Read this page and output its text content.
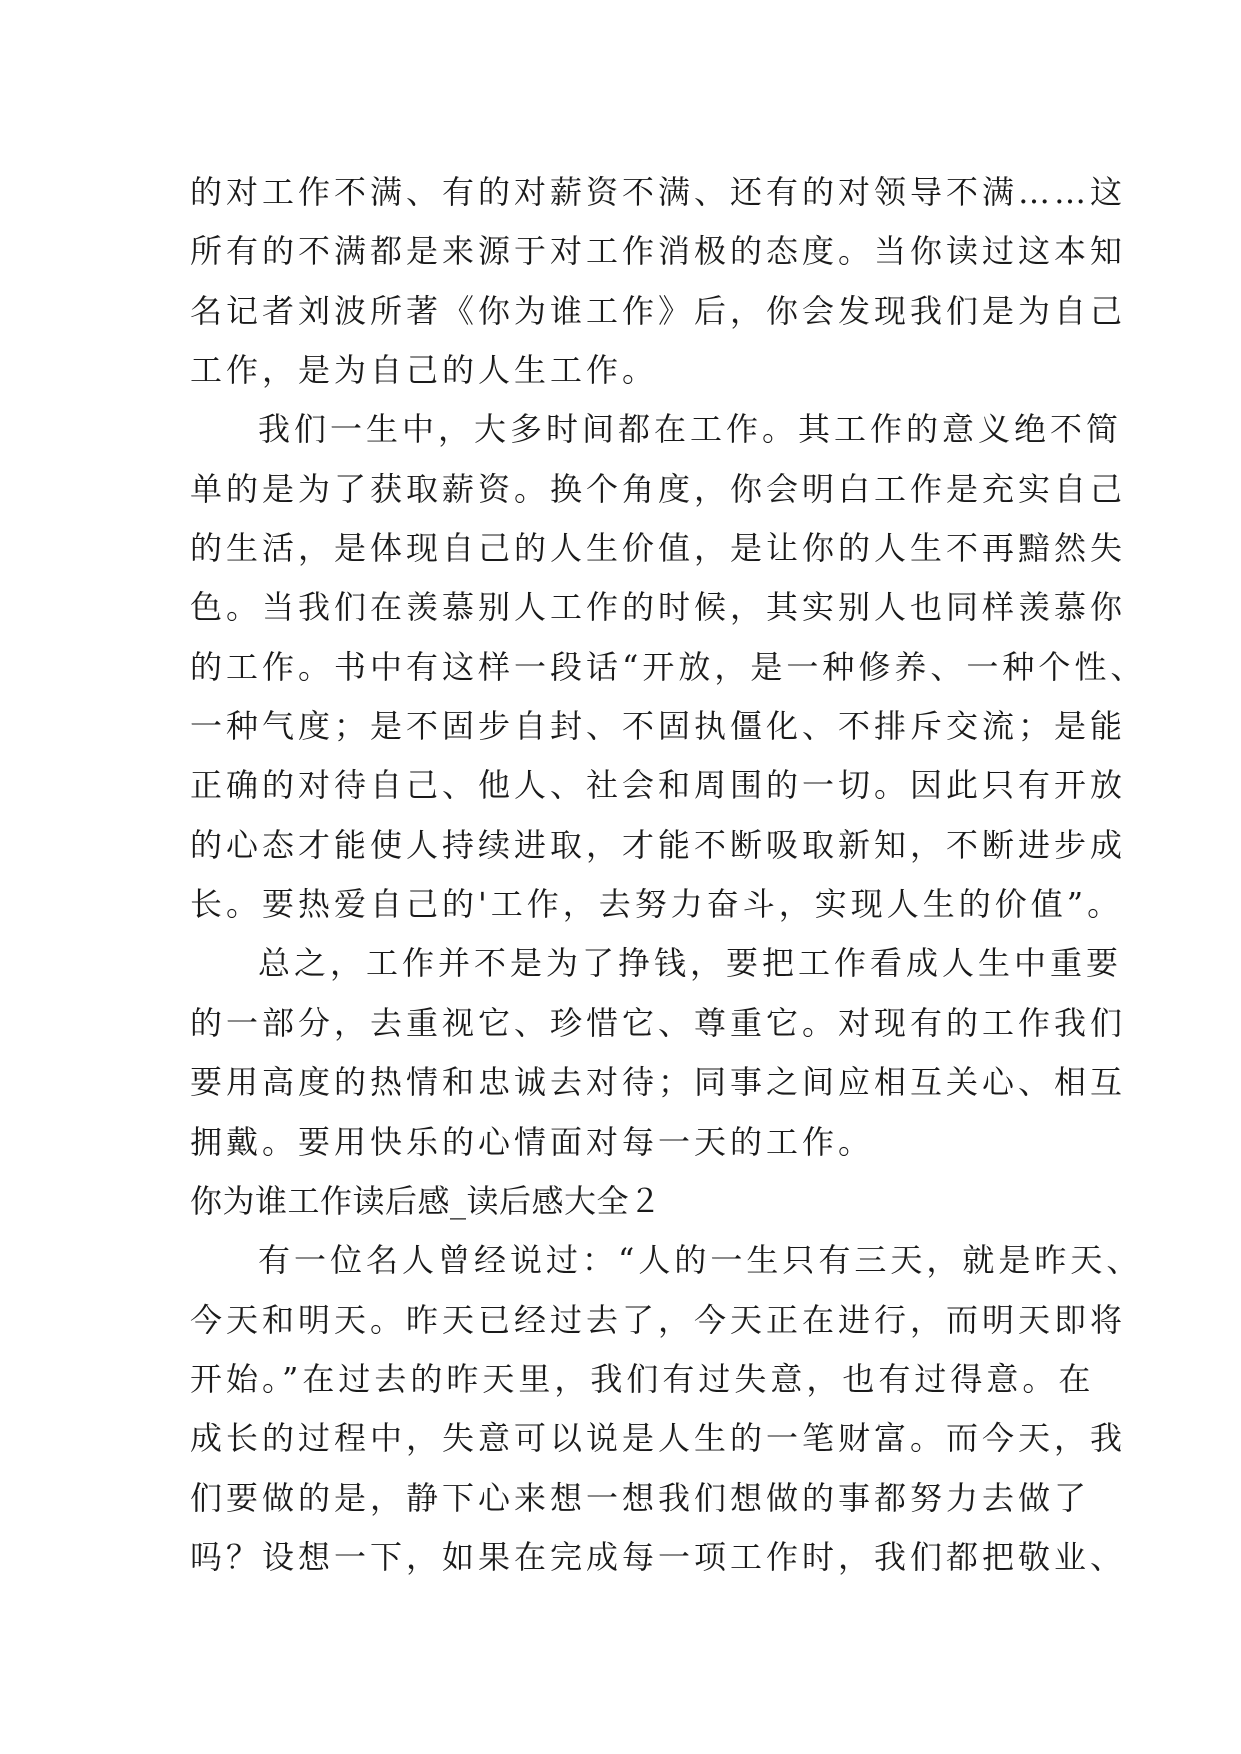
的对工作不满、有的对薪资不满、还有的对领导不满……这
所有的不满都是来源于对工作消极的态度。当你读过这本知
名记者刘波所著《你为谁工作》后，你会发现我们是为自己
工作，是为自己的人生工作。
我们一生中，大多时间都在工作。其工作的意义绝不简
单的是为了获取薪资。换个角度，你会明白工作是充实自己
的生活，是体现自己的人生价值，是让你的人生不再黯然失
色。当我们在羡慕别人工作的时候，其实别人也同样羡慕你
的工作。书中有这样一段话“开放，是一种修养、一种个性、
一种气度；是不固步自封、不固执僵化、不排斥交流；是能
正确的对待自己、他人、社会和周围的一切。因此只有开放
的心态才能使人持续进取，才能不断吸取新知，不断进步成
长。要热爱自己的'工作，去努力奋斗，实现人生的价值”。
总之，工作并不是为了挣钱，要把工作看成人生中重要
的一部分，去重视它、珍惜它、尊重它。对现有的工作我们
要用高度的热情和忠诚去对待；同事之间应相互关心、相互
拥戴。要用快乐的心情面对每一天的工作。
你为谁工作读后感_读后感大全２
有一位名人曾经说过：“人的一生只有三天，就是昨天、
今天和明天。昨天已经过去了，今天正在进行，而明天即将
开始。”在过去的昨天里，我们有过失意，也有过得意。在
成长的过程中，失意可以说是人生的一笔财富。而今天，我
们要做的是，静下心来想一想我们想做的事都努力去做了
吗？设想一下，如果在完成每一项工作时，我们都把敬业、
